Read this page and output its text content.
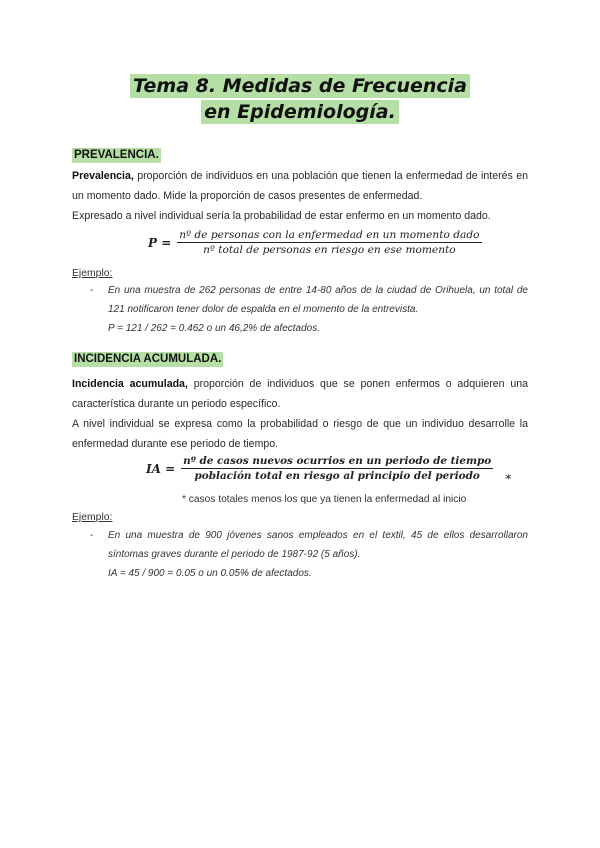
Tema 8. Medidas de Frecuencia
en Epidemiología.
PREVALENCIA.
Prevalencia, proporción de individuos en una población que tienen la enfermedad de interés en un momento dado. Mide la proporción de casos presentes de enfermedad.
Expresado a nivel individual sería la probabilidad de estar enfermo en un momento dado.
$P = \frac{\text{nº de personas con la enfermedad en un momento dado}}{\text{nº total de personas en riesgo en ese momento}}$
Ejemplo:
- En una muestra de 262 personas de entre 14-80 años de la ciudad de Orihuela, un total de 121 notificaron tener dolor de espalda en el momento de la entrevista.
P = 121 / 262 = 0.462 o un 46,2% de afectados.
INCIDENCIA ACUMULADA.
Incidencia acumulada, proporción de individuos que se ponen enfermos o adquieren una característica durante un periodo específico.
A nivel individual se expresa como la probabilidad o riesgo de que un individuo desarrolle la enfermedad durante ese periodo de tiempo.
IA = $\frac{\text{nº de casos nuevos ocurrios en un periodo de tiempo}}{\text{población total en riesgo al principio del periodo}}$ *
* casos totales menos los que ya tienen la enfermedad al inicio
Ejemplo:
- En una muestra de 900 jóvenes sanos empleados en el textil, 45 de ellos desarrollaron síntomas graves durante el periodo de 1987-92 (5 años).
IA = 45 / 900 = 0.05 o un 0.05% de afectados.
